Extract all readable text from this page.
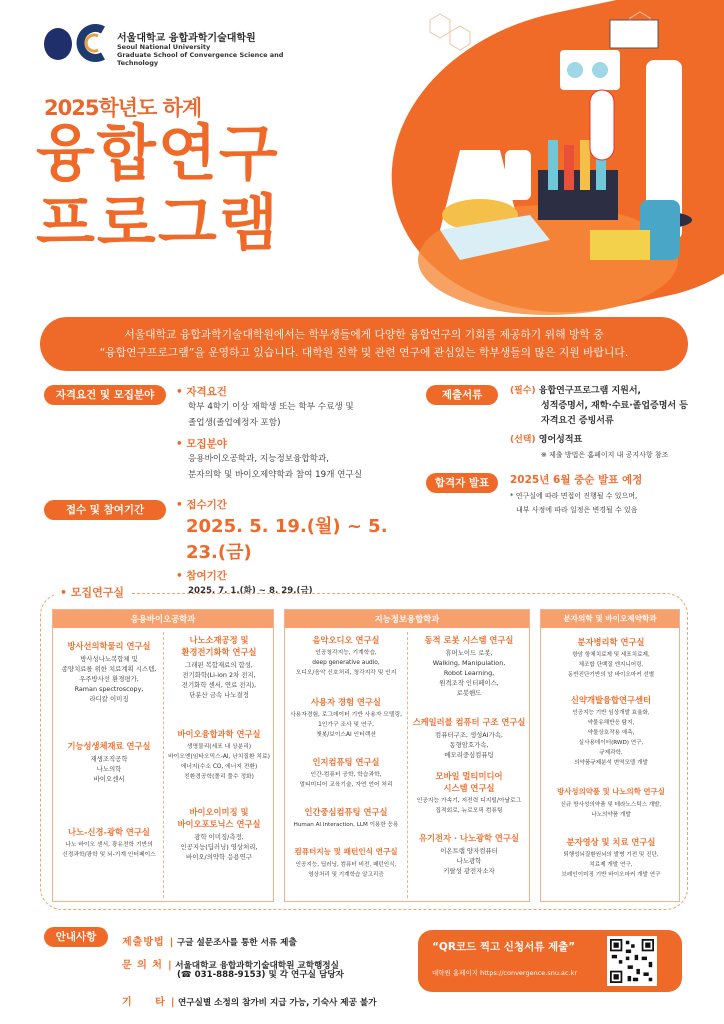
서울대학교 융합과학기술대학원
Seoul National University
Graduate School of Convergence Science and Technology
2025학년도 하계
융합연구
프로그램
서울대학교 융합과학기술대학원에서는 학부생들에게 다양한 융합연구의 기회를 제공하기 위해 방학 중
“융합연구프로그램”을 운영하고 있습니다. 대학원 진학 및 관련 연구에 관심있는 학부생들의 많은 지원 바랍니다.
자격요건 및 모집분야	• 자격요건
학부 4학기 이상 재학생 또는 학부 수료생 및
졸업생(졸업예정자 포함)
• 모집분야
응용바이오공학과, 지능정보융합학과,
분자의학 및 바이오제약학과 참여 19개 연구실
제출서류	(필수) 융합연구프로그램 지원서,
성적증명서, 재학·수료·졸업증명서 등
자격요건 증빙서류
(선택) 영어성적표
※ 제출 방법은 홈페이지 내 공지사항 참조
합격자 발표	2025년 6월 중순 발표 예정
* 연구실에 따라 면접이 진행될 수 있으며,
내부 사정에 따라 일정은 변경될 수 있음
접수 및 참여기간	• 접수기간
2025. 5. 19.(월) ~ 5. 23.(금)
• 참여기간
2025. 7. 1.(화) ~ 8. 29.(금)
• 모집연구실
응용바이오공학과
방사선의학물리 연구실
방사성나노복합체 및
종양치료를 위한 치료계획 시스템,
우주방사선 환경평가,
Raman spectroscopy,
라디칼 이미징
나노소재공정 및
환경전기화학 연구실
그래핀 복합재료의 합성,
전기화학(Li-ion 2차 전지,
전기화학 센서, 연료 전지),
단분산 금속 나노결정
기능성생체재료 연구실
재생조직공학
나노의학
바이오센서
바이오융합과학 연구실
생명물리(세포 내 상분리)
바이오엔(임타오믹스-AI, 난치질환 치료)
에너지(수소 CO, 에너지 전환)
친환경공학(폴리 풀수 정화)
나노-신경-광학 연구실
나노 바이오 센서, 광유전학 기반의
신경과학/광학 및 뇌-기계 인터페이스
바이오이미징 및
바이오포토닉스 연구실
광학 이미징/측정,
인공지능(딥러닝) 영상처리,
바이오/의약학 응용연구
지능정보융합학과
음악오디오 연구실
인공청각지능, 기계학습,
deep generative audio,
오디오/음악 신호처리, 청각지각 및 인지
동적 로봇 시스템 연구실
휴머노이드 로봇,
Walking, Manipulation,
Robot Learning,
원격조작 인터페이스,
로봇핸드
사용자 경험 연구실
사용자경험, 로그데이터 기반 사용자 모델링,
1인가구 조사 및 연구,
챗봇/보이스AI 인터랙션
스케일러블 컴퓨터 구조 연구실
컴퓨터구조, 생성AI가속,
동형암호가속,
메모리중심컴퓨팅
인지컴퓨팅 연구실
인간-컴퓨터 공학, 학습과학,
멀티미디어 교육기술, 자연 언어 처리
모바일 멀티미디어
시스템 연구실
인공지능 가속기, 저전력 디지털/아날로그
집적회로, 뉴로모픽 컴퓨팅
인간중심컴퓨팅 연구실
Human AI Interaction, LLM 이용한 응용
유기전자 · 나노광학 연구실
이온트랩 양자컴퓨터
나노광학
키랄성 광전자소자
컴퓨터지능 및 패턴인식 연구실
인공지능, 딥러닝, 컴퓨터 비전, 패턴인식,
영상처리 및 기계학습 알고리즘
분자의학 및 바이오제약학과
분자병리학 연구실
항암 항체치료제 및 세포치료제,
체조합 단백질 엔지니어링,
동반진단기반의 암 바이오마커 선별
신약개발융합연구센터
인공지능 기반 임상개발 효율화,
약물유해반응 탐지,
약물상호작용 예측,
실사용데이터(RWD) 연구,
규제과학,
의약품규제분석 변역모델 개발
방사성의약품 및 나노의학 연구실
신규 방사성의약품 및 테라노스틱스 개발,
나노의약품 개발
분자영상 및 치료 연구실
퇴행성뇌질환원뇌의 발병 기전 및 진단,
치료제 개발 연구,
브레인이미징 기반 바이오마커 개발 연구
안내사항	제출방법 | 구글 설문조사를 통한 서류 제출
문 의 처 | 서울대학교 융합과학기술대학원 교학행정실
(☎ 031-888-9153) 및 각 연구실 담당자
기     타 | 연구실별 소정의 참가비 지급 가능, 기숙사 제공 불가
“QR코드 찍고 신청서류 제출”
대학원 홈페이지 https://convergence.snu.ac.kr
